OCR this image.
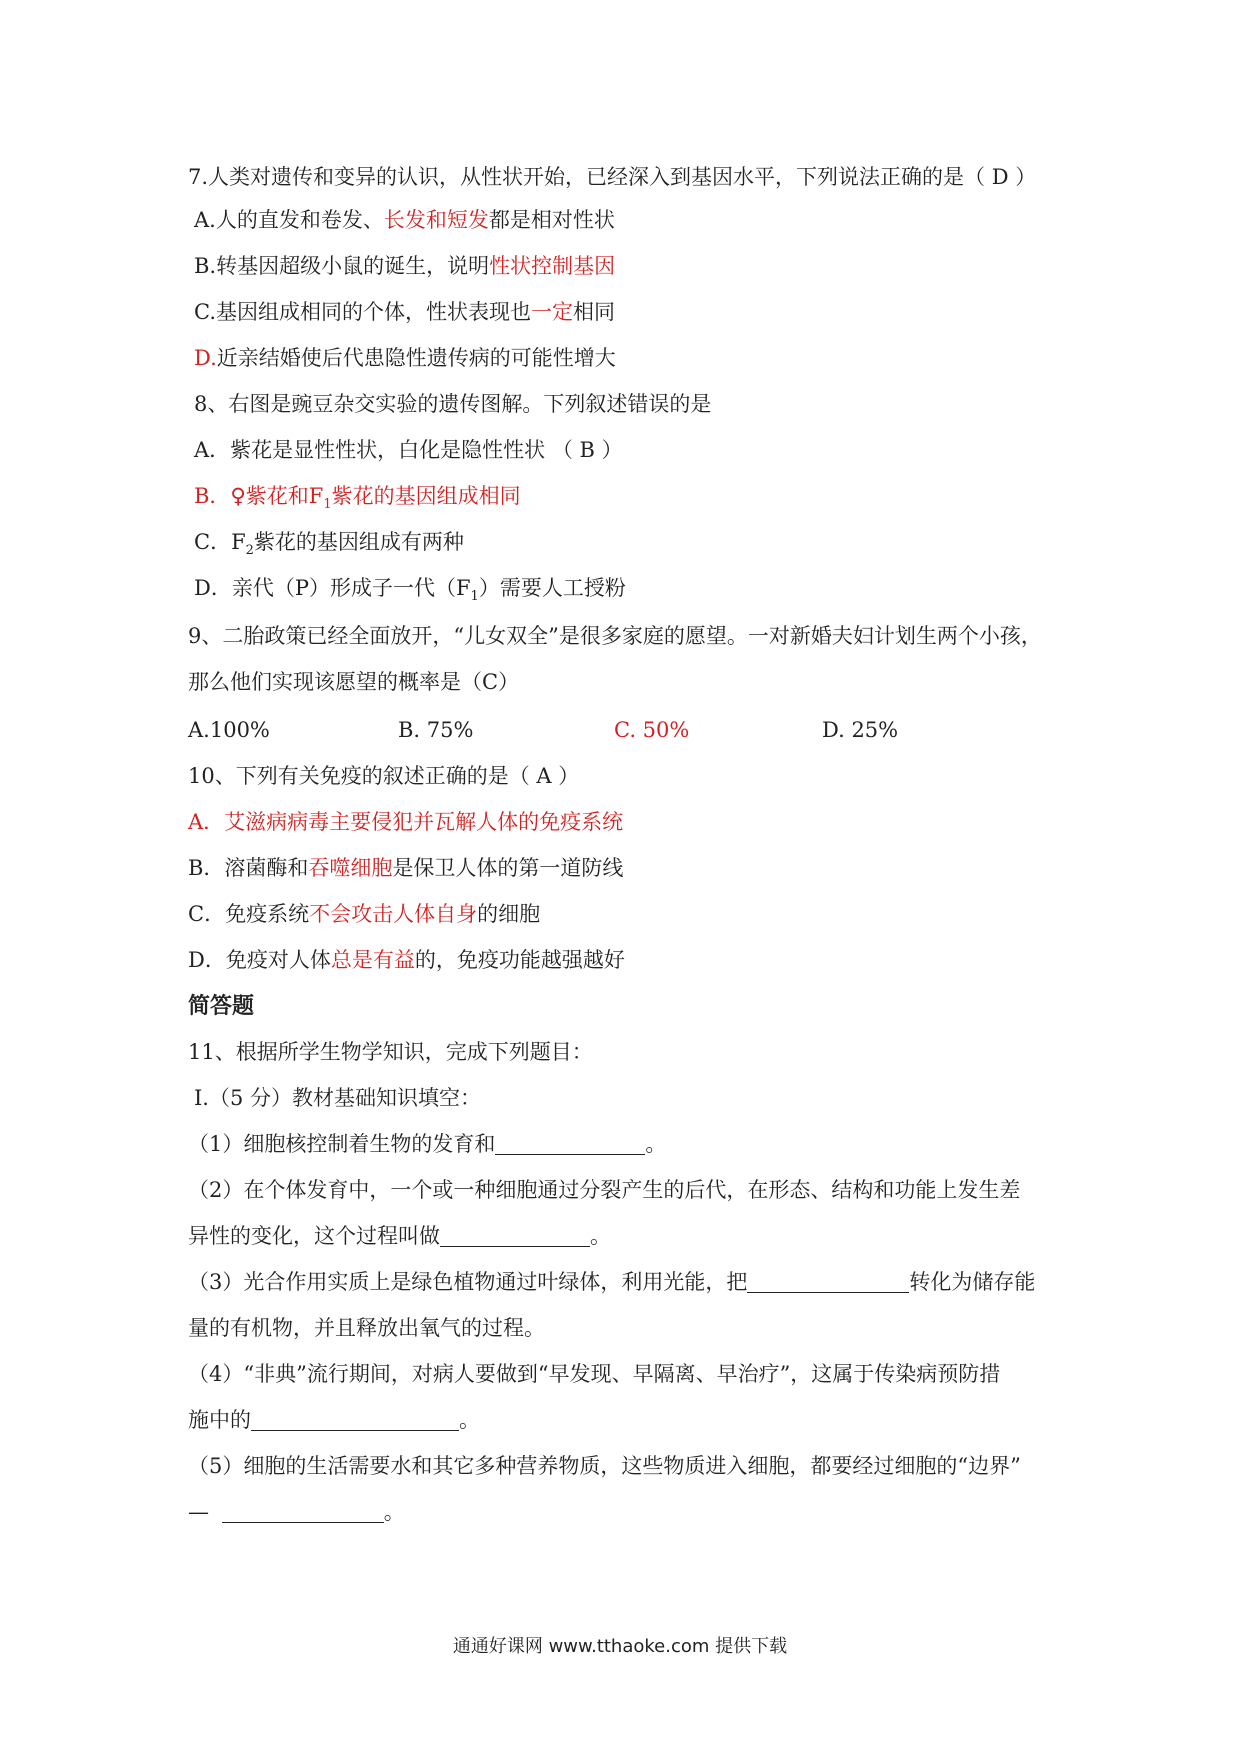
7.人类对遗传和变异的认识，从性状开始，已经深入到基因水平，下列说法正确的是（ D ）
A.人的直发和卷发、长发和短发都是相对性状
B.转基因超级小鼠的诞生，说明性状控制基因
C.基因组成相同的个体，性状表现也一定相同
D.近亲结婚使后代患隐性遗传病的可能性增大
8、右图是豌豆杂交实验的遗传图解。下列叙述错误的是
A．紫花是显性性状，白化是隐性性状 （ B ）
B．♀紫花和$F_1$紫花的基因组成相同
C．$F_2$紫花的基因组成有两种
D．亲代（P）形成子一代$(F_1)$需要人工授粉
9、二胎政策已经全面放开，“儿女双全”是很多家庭的愿望。一对新婚夫妇计划生两个小孩，
那么他们实现该愿望的概率是（C）
A.100%	B. 75%	C. 50%	D. 25%
10、下列有关免疫的叙述正确的是（ A ）
A．艾滋病病毒主要侵犯并瓦解人体的免疫系统
B．溶菌酶和吞噬细胞是保卫人体的第一道防线
C．免疫系统不会攻击人体自身的细胞
D．免疫对人体总是有益的，免疫功能越强越好
简答题
11、根据所学生物学知识，完成下列题目：
Ⅰ.（5 分）教材基础知识填空：
（1）细胞核控制着生物的发育和	。
（2）在个体发育中，一个或一种细胞通过分裂产生的后代，在形态、结构和功能上发生差
异性的变化，这个过程叫做	。
（3）光合作用实质上是绿色植物通过叶绿体，利用光能，把	转化为储存能
量的有机物，并且释放出氧气的过程。
（4）“非典”流行期间，对病人要做到“早发现、早隔离、早治疗”，这属于传染病预防措
施中的	。
（5）细胞的生活需要水和其它多种营养物质，这些物质进入细胞，都要经过细胞的“边界”
—	。
通通好课网 www.tthaoke.com 提供下载
